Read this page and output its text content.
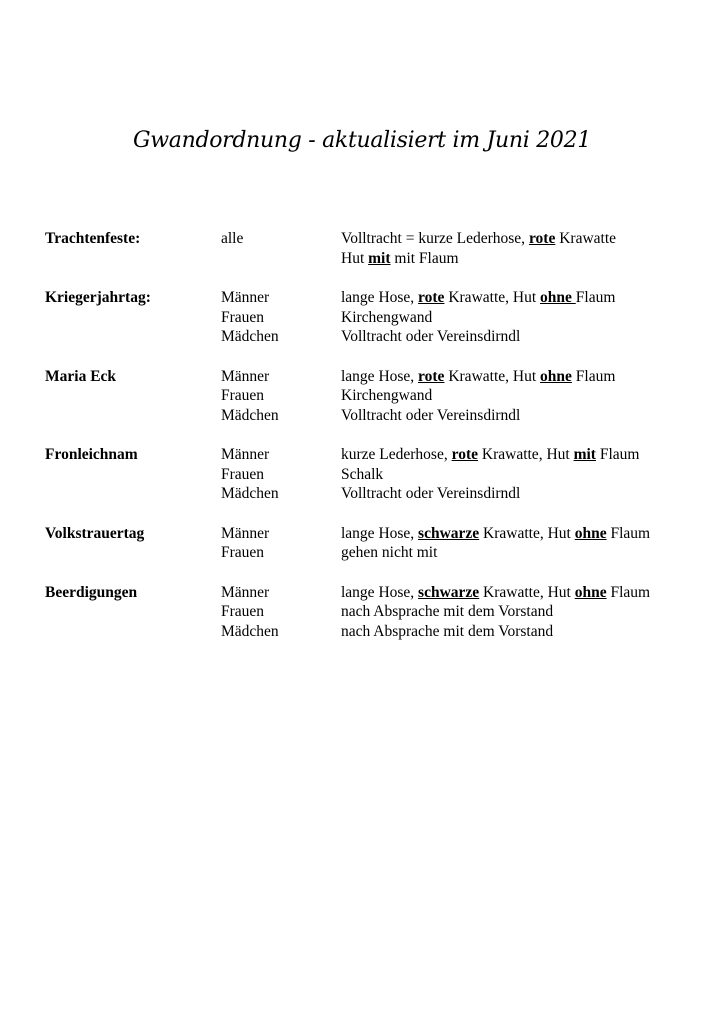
Gwandordnung - aktualisiert im Juni 2021
Trachtenfeste:	alle	Volltracht = kurze Lederhose, rote Krawatte
Hut mit mit Flaum
Kriegerjahrtag:	Männer	lange Hose, rote Krawatte, Hut ohne Flaum
Frauen	Kirchengwand
Mädchen	Volltracht oder Vereinsdirndl
Maria Eck	Männer	lange Hose, rote Krawatte, Hut ohne Flaum
Frauen	Kirchengwand
Mädchen	Volltracht oder Vereinsdirndl
Fronleichnam	Männer	kurze Lederhose, rote Krawatte, Hut mit Flaum
Frauen	Schalk
Mädchen	Volltracht oder Vereinsdirndl
Volkstrauertag	Männer	lange Hose, schwarze Krawatte, Hut ohne Flaum
Frauen	gehen nicht mit
Beerdigungen	Männer	lange Hose, schwarze Krawatte, Hut ohne Flaum
Frauen	nach Absprache mit dem Vorstand
Mädchen	nach Absprache mit dem Vorstand
